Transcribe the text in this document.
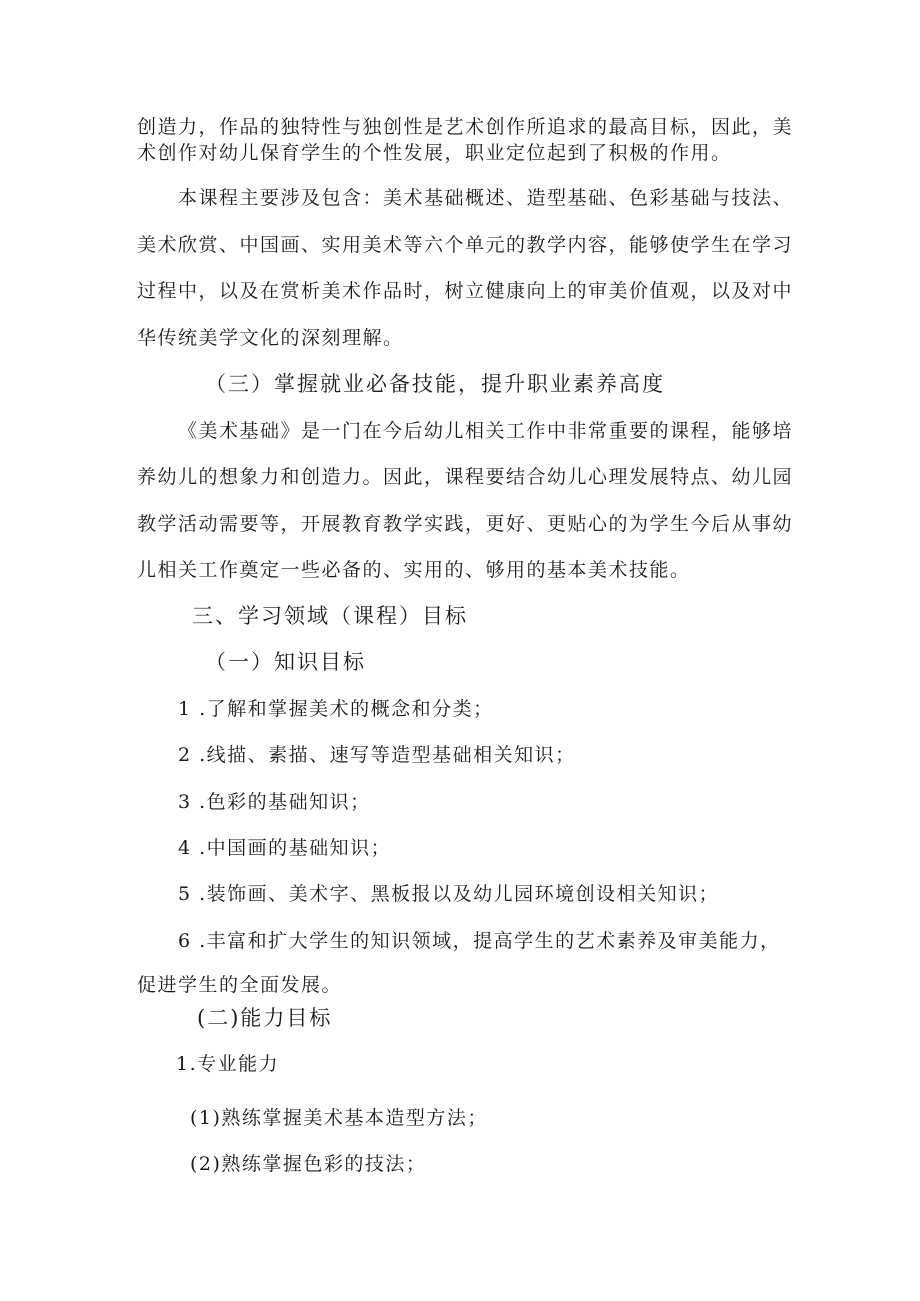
创造力，作品的独特性与独创性是艺术创作所追求的最高目标，因此，美
术创作对幼儿保育学生的个性发展，职业定位起到了积极的作用。
本课程主要涉及包含：美术基础概述、造型基础、色彩基础与技法、
美术欣赏、中国画、实用美术等六个单元的教学内容，能够使学生在学习
过程中，以及在赏析美术作品时，树立健康向上的审美价值观，以及对中
华传统美学文化的深刻理解。
（三）掌握就业必备技能，提升职业素养高度
《美术基础》是一门在今后幼儿相关工作中非常重要的课程，能够培
养幼儿的想象力和创造力。因此，课程要结合幼儿心理发展特点、幼儿园
教学活动需要等，开展教育教学实践，更好、更贴心的为学生今后从事幼
儿相关工作奠定一些必备的、实用的、够用的基本美术技能。
三、学习领域（课程）目标
（一）知识目标
1 .了解和掌握美术的概念和分类；
2 .线描、素描、速写等造型基础相关知识；
3 .色彩的基础知识；
4 .中国画的基础知识；
5 .装饰画、美术字、黑板报以及幼儿园环境创设相关知识；
6 .丰富和扩大学生的知识领域，提高学生的艺术素养及审美能力，
促进学生的全面发展。
(二)能力目标
1.专业能力
(1)熟练掌握美术基本造型方法；
(2)熟练掌握色彩的技法；
